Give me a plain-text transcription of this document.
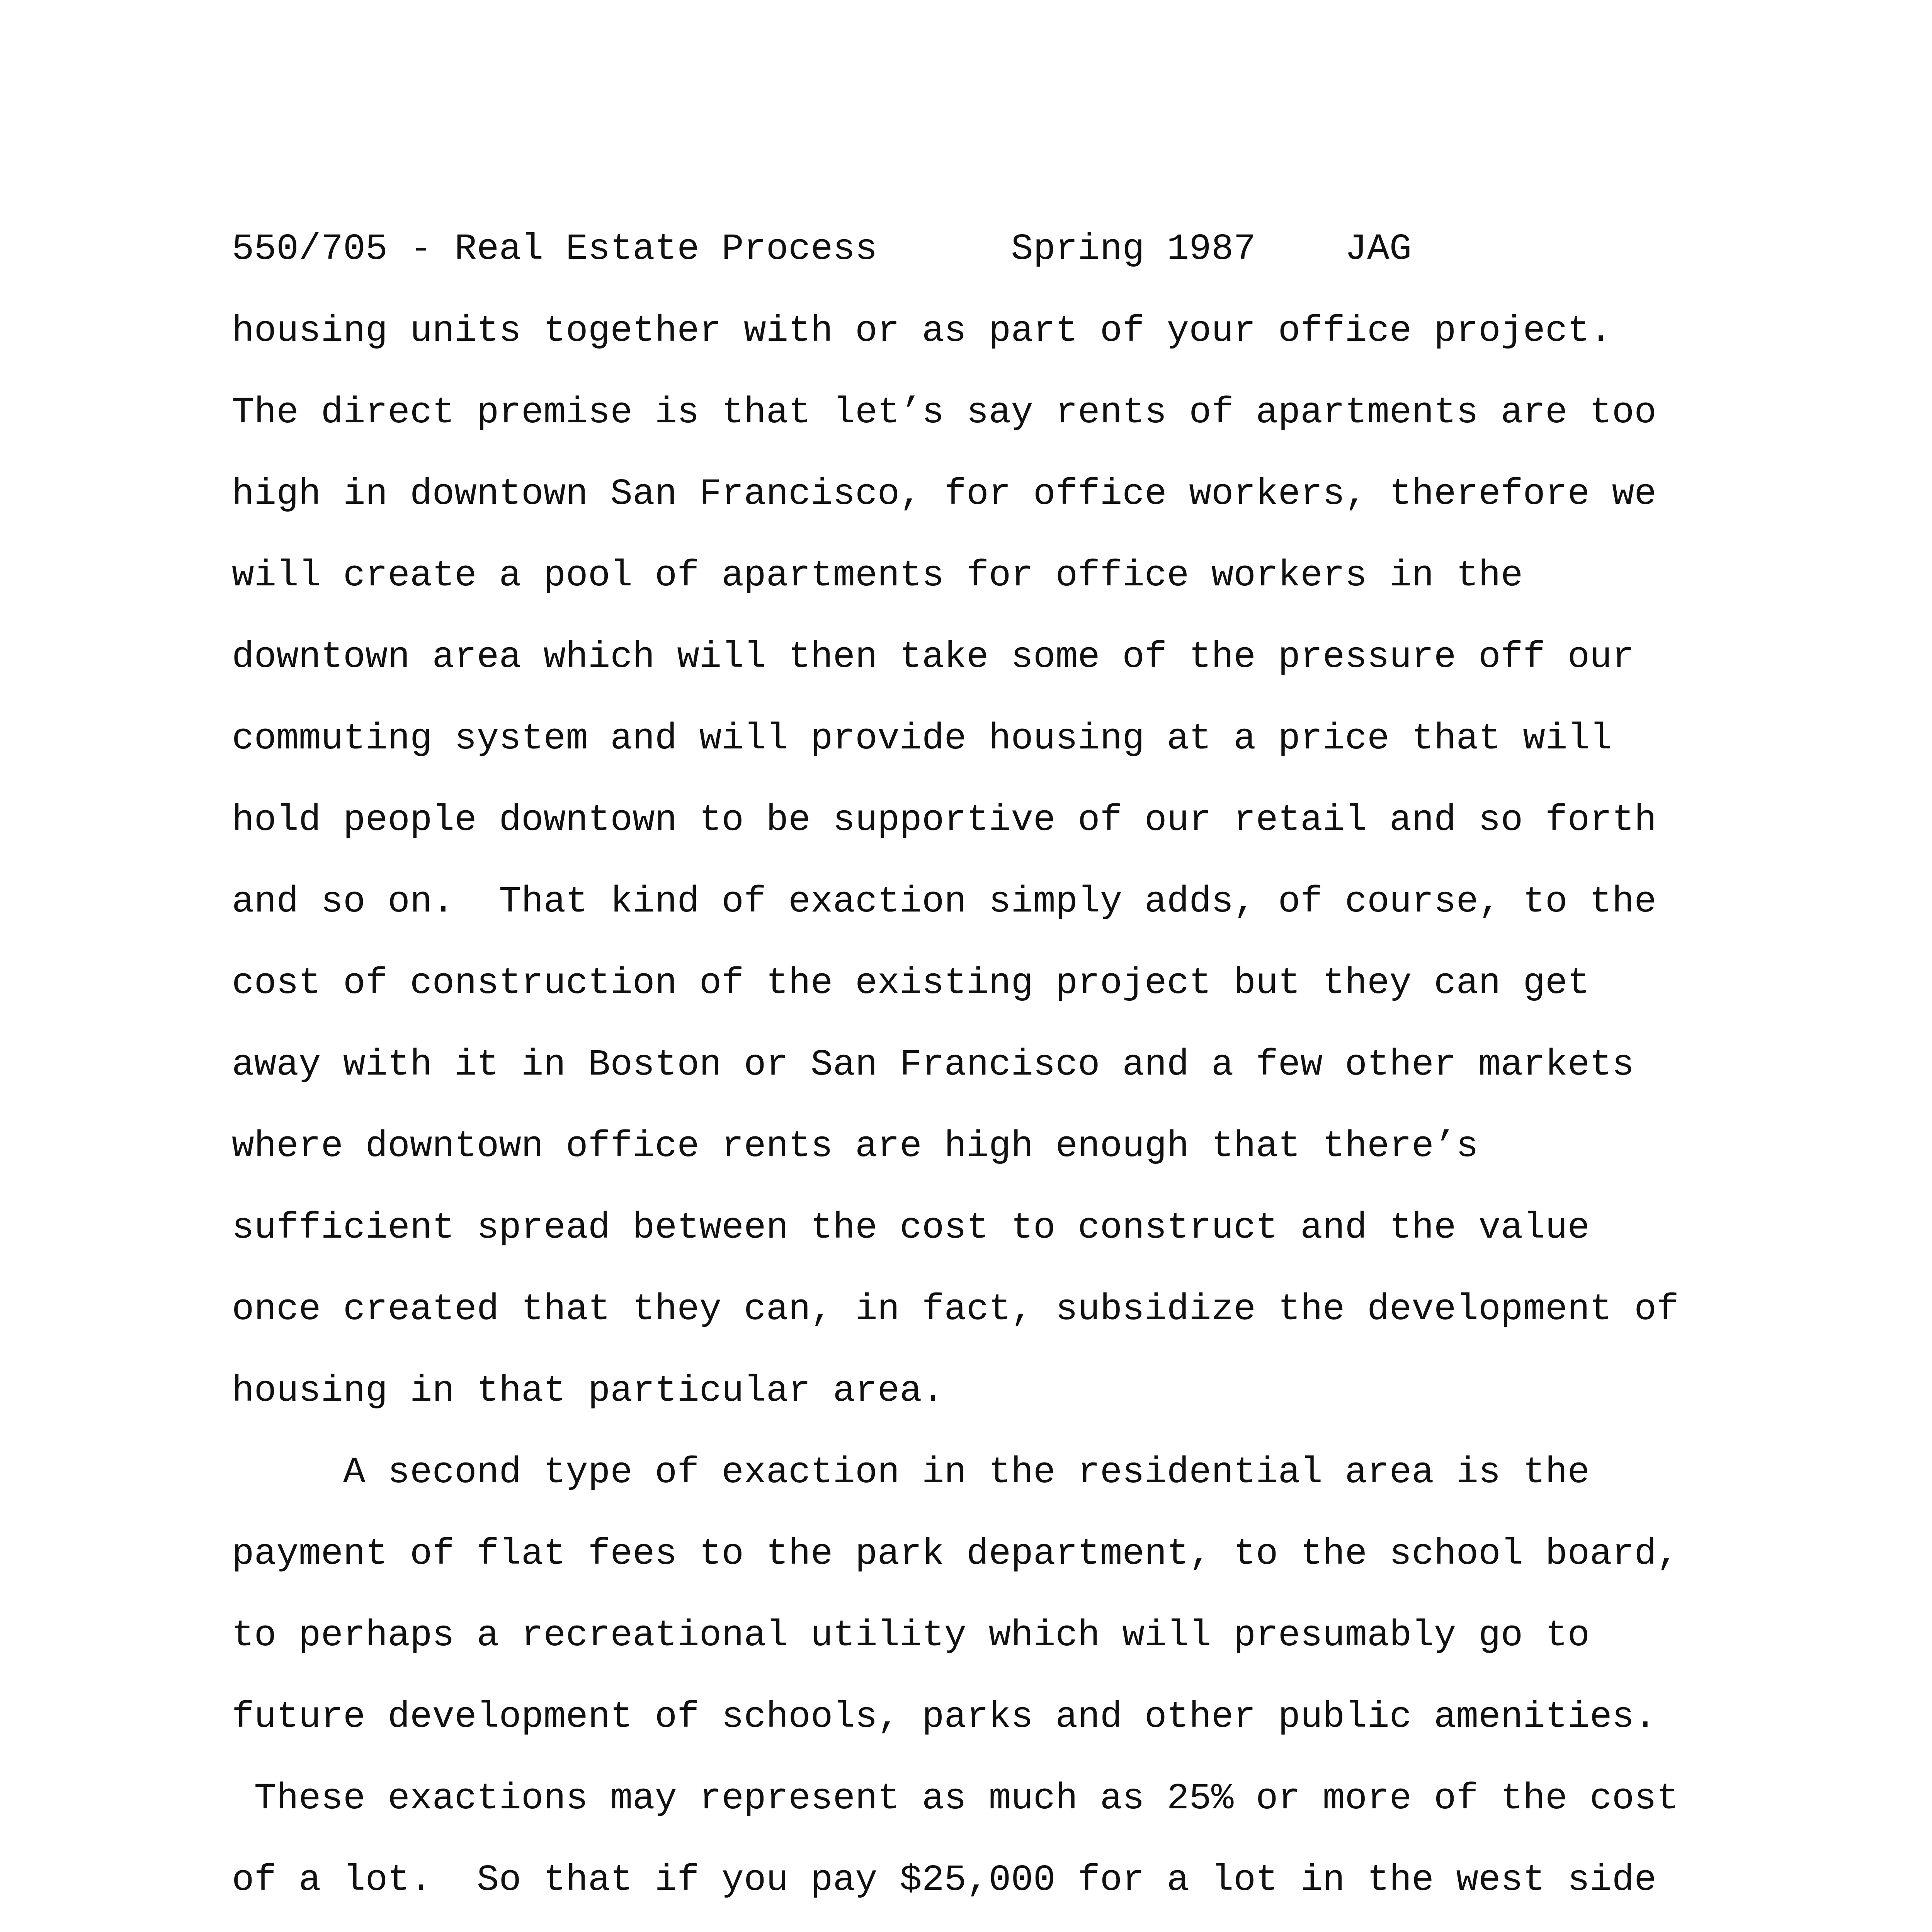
550/705 - Real Estate Process      Spring 1987    JAG
housing units together with or as part of your office project.
The direct premise is that let’s say rents of apartments are too
high in downtown San Francisco, for office workers, therefore we
will create a pool of apartments for office workers in the
downtown area which will then take some of the pressure off our
commuting system and will provide housing at a price that will
hold people downtown to be supportive of our retail and so forth
and so on.  That kind of exaction simply adds, of course, to the
cost of construction of the existing project but they can get
away with it in Boston or San Francisco and a few other markets
where downtown office rents are high enough that there’s
sufficient spread between the cost to construct and the value
once created that they can, in fact, subsidize the development of
housing in that particular area.
A second type of exaction in the residential area is the
payment of flat fees to the park department, to the school board,
to perhaps a recreational utility which will presumably go to
future development of schools, parks and other public amenities.
These exactions may represent as much as 25% or more of the cost
of a lot.  So that if you pay $25,000 for a lot in the west side
